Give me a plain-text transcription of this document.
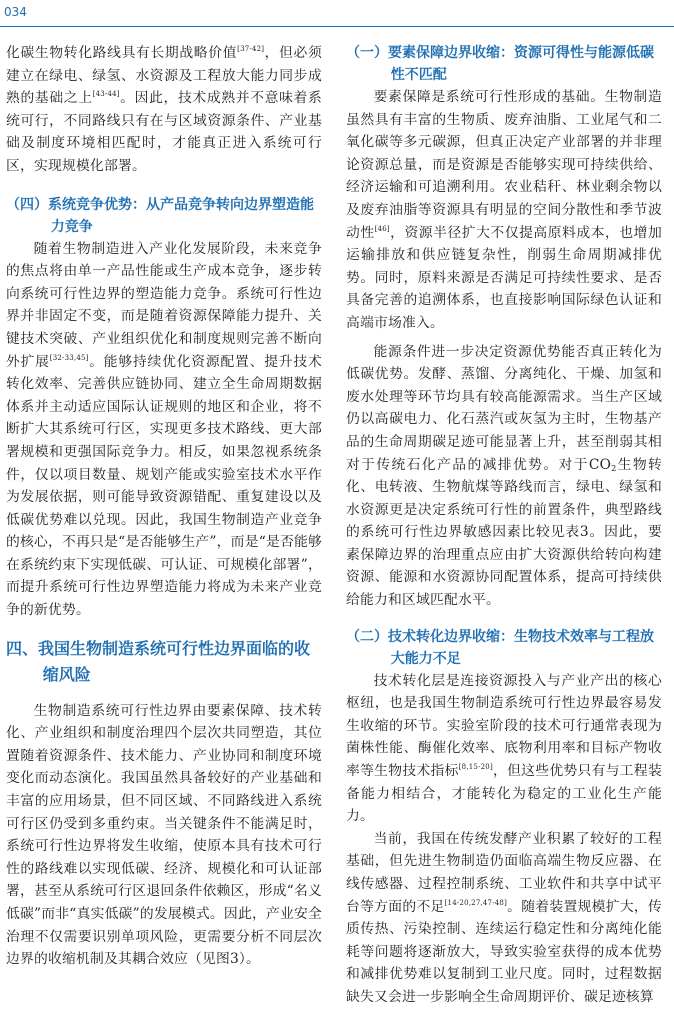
034

化碳生物转化路线具有长期战略价值[37-42]，但必须建立在绿电、绿氢、水资源及工程放大能力同步成熟的基础之上[43-44]。因此，技术成熟并不意味着系统可行，不同路线只有在与区域资源条件、产业基础及制度环境相匹配时，才能真正进入系统可行区，实现规模化部署。

（四）系统竞争优势：从产品竞争转向边界塑造能力竞争

随着生物制造进入产业化发展阶段，未来竞争的焦点将由单一产品性能或生产成本竞争，逐步转向系统可行性边界的塑造能力竞争。系统可行性边界并非固定不变，而是随着资源保障能力提升、关键技术突破、产业组织优化和制度规则完善不断向外扩展[32-33,45]。能够持续优化资源配置、提升技术转化效率、完善供应链协同、建立全生命周期数据体系并主动适应国际认证规则的地区和企业，将不断扩大其系统可行区，实现更多技术路线、更大部署规模和更强国际竞争力。相反，如果忽视系统条件，仅以项目数量、规划产能或实验室技术水平作为发展依据，则可能导致资源错配、重复建设以及低碳优势难以兑现。因此，我国生物制造产业竞争的核心，不再只是“是否能够生产”，而是“是否能够在系统约束下实现低碳、可认证、可规模化部署”，而提升系统可行性边界塑造能力将成为未来产业竞争的新优势。

四、我国生物制造系统可行性边界面临的收缩风险

生物制造系统可行性边界由要素保障、技术转化、产业组织和制度治理四个层次共同塑造，其位置随着资源条件、技术能力、产业协同和制度环境变化而动态演化。我国虽然具备较好的产业基础和丰富的应用场景，但不同区域、不同路线进入系统可行区仍受到多重约束。当关键条件不能满足时，系统可行性边界将发生收缩，使原本具有技术可行性的路线难以实现低碳、经济、规模化和可认证部署，甚至从系统可行区退回条件依赖区，形成“名义低碳”而非“真实低碳”的发展模式。因此，产业安全治理不仅需要识别单项风险，更需要分析不同层次边界的收缩机制及其耦合效应（见图3）。

（一）要素保障边界收缩：资源可得性与能源低碳性不匹配

要素保障是系统可行性形成的基础。生物制造虽然具有丰富的生物质、废弃油脂、工业尾气和二氧化碳等多元碳源，但真正决定产业部署的并非理论资源总量，而是资源是否能够实现可持续供给、经济运输和可追溯利用。农业秸秆、林业剩余物以及废弃油脂等资源具有明显的空间分散性和季节波动性[46]，资源半径扩大不仅提高原料成本，也增加运输排放和供应链复杂性，削弱生命周期减排优势。同时，原料来源是否满足可持续性要求、是否具备完善的追溯体系，也直接影响国际绿色认证和高端市场准入。

能源条件进一步决定资源优势能否真正转化为低碳优势。发酵、蒸馏、分离纯化、干燥、加氢和废水处理等环节均具有较高能源需求。当生产区域仍以高碳电力、化石蒸汽或灰氢为主时，生物基产品的生命周期碳足迹可能显著上升，甚至削弱其相对于传统石化产品的减排优势。对于$CO_2$生物转化、电转液、生物航煤等路线而言，绿电、绿氢和水资源更是决定系统可行性的前置条件，典型路线的系统可行性边界敏感因素比较见表3。因此，要素保障边界的治理重点应由扩大资源供给转向构建资源、能源和水资源协同配置体系，提高可持续供给能力和区域匹配水平。

（二）技术转化边界收缩：生物技术效率与工程放大能力不足

技术转化层是连接资源投入与产业产出的核心枢纽，也是我国生物制造系统可行性边界最容易发生收缩的环节。实验室阶段的技术可行通常表现为菌株性能、酶催化效率、底物利用率和目标产物收率等生物技术指标[8,15-20]，但这些优势只有与工程装备能力相结合，才能转化为稳定的工业化生产能力。

当前，我国在传统发酵产业积累了较好的工程基础，但先进生物制造仍面临高端生物反应器、在线传感器、过程控制系统、工业软件和共享中试平台等方面的不足[14-20,27,47-48]。随着装置规模扩大，传质传热、污染控制、连续运行稳定性和分离纯化能耗等问题将逐渐放大，导致实验室获得的成本优势和减排优势难以复制到工业尺度。同时，过程数据缺失又会进一步影响全生命周期评价、碳足迹核算
